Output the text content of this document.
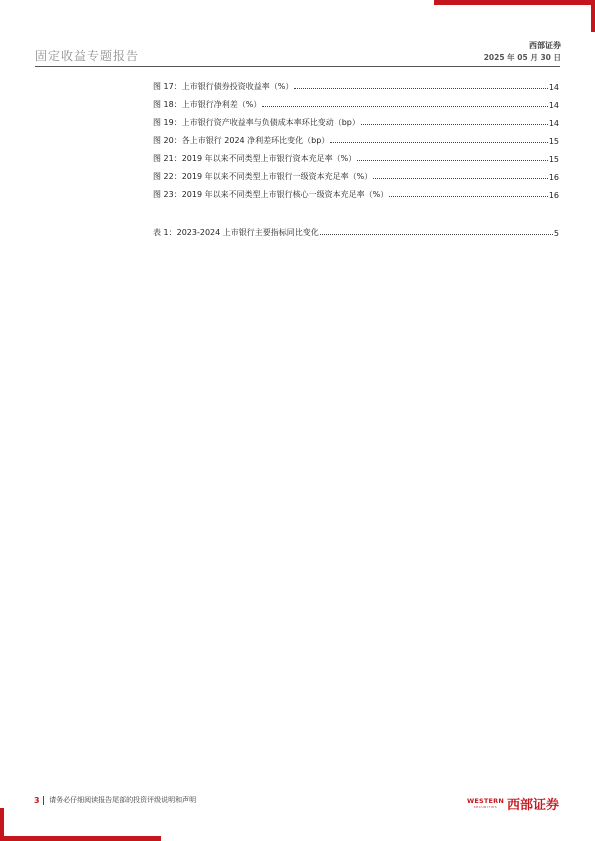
固定收益专题报告
西部证券
2025 年 05 月 30 日
图 17：上市银行债券投资收益率（%）	14
图 18：上市银行净利差（%）	14
图 19：上市银行资产收益率与负债成本率环比变动（bp）	14
图 20：各上市银行 2024 净利差环比变化（bp）	15
图 21：2019 年以来不同类型上市银行资本充足率（%）	15
图 22：2019 年以来不同类型上市银行一级资本充足率（%）	16
图 23：2019 年以来不同类型上市银行核心一级资本充足率（%）	16
表 1：2023-2024 上市银行主要指标同比变化	5
3 请务必仔细阅读报告尾部的投资评级说明和声明	WESTERN
SECURITIES 西部证券
